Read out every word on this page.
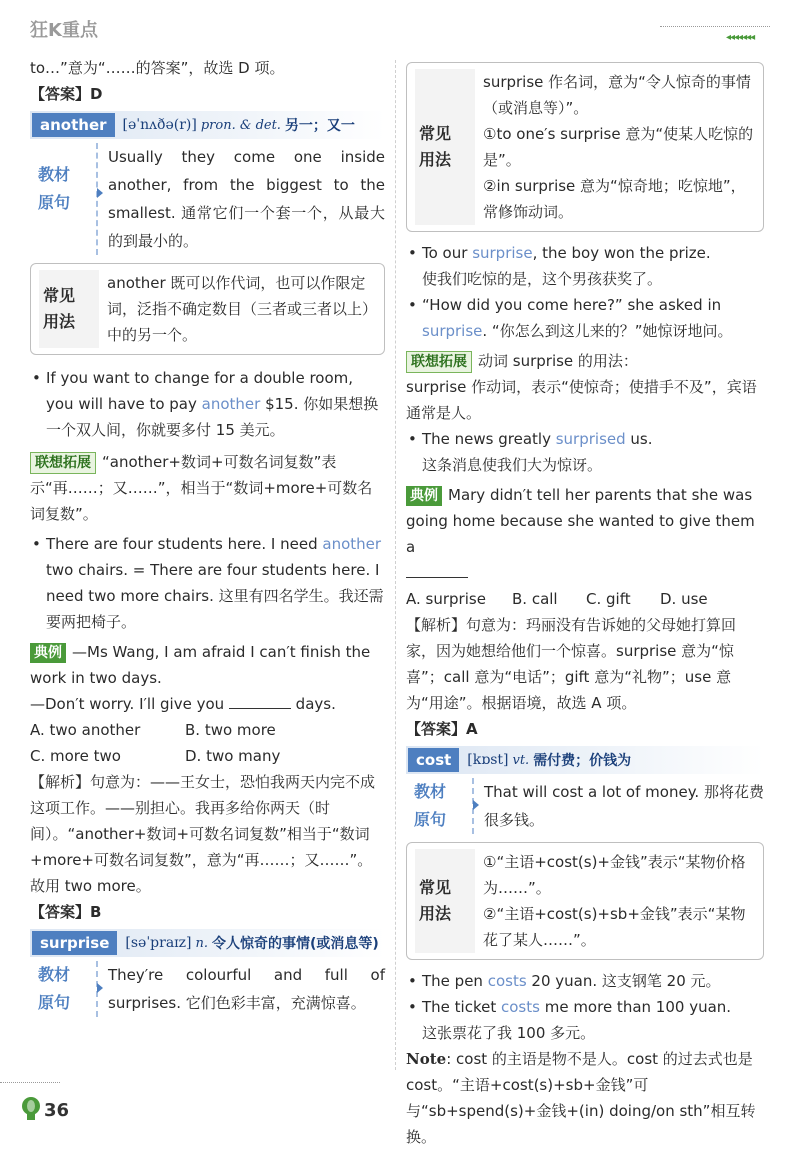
狂K重点	◂◂◂◂◂◂◂
to…”意为“……的答案”，故选 D 项。
【答案】D
another	[əˈnʌðə(r)] pron. & det. 另一；又一
教材
原句
Usually they come one inside another, from the biggest to the smallest. 通常它们一个套一个，从最大的到最小的。
常见
用法
another 既可以作代词，也可以作限定词，泛指不确定数目（三者或三者以上）中的另一个。
• If you want to change for a double room, you will have to pay another $15. 你如果想换一个双人间，你就要多付 15 美元。
联想拓展 “another+数词+可数名词复数”表示“再……；又……”，相当于“数词+more+可数名词复数”。
• There are four students here. I need another two chairs. = There are four students here. I need two more chairs. 这里有四名学生。我还需要两把椅子。
典例 —Ms Wang, I am afraid I can′t finish the work in two days.
—Don′t worry. I′ll give you	days.
A. two another	B. two more
C. more two	D. two many
【解析】句意为：——王女士，恐怕我两天内完不成这项工作。——别担心。我再多给你两天（时间）。“another+数词+可数名词复数”相当于“数词+more+可数名词复数”，意为“再……；又……”。故用 two more。
【答案】B
surprise	[səˈpraɪz] n. 令人惊奇的事情(或消息等)
教材
原句
They′re colourful and full of surprises. 它们色彩丰富，充满惊喜。
常见
用法
surprise 作名词，意为“令人惊奇的事情（或消息等）”。
①to one′s surprise 意为“使某人吃惊的是”。
②in surprise 意为“惊奇地；吃惊地”，常修饰动词。
• To our surprise, the boy won the prize.
使我们吃惊的是，这个男孩获奖了。
• “How did you come here?” she asked in surprise. “你怎么到这儿来的？”她惊讶地问。
联想拓展 动词 surprise 的用法：
surprise 作动词，表示“使惊奇；使措手不及”，宾语通常是人。
• The news greatly surprised us.
这条消息使我们大为惊讶。
典例 Mary didn′t tell her parents that she was going home because she wanted to give them a
A. surprise	B. call	C. gift	D. use
【解析】句意为：玛丽没有告诉她的父母她打算回家，因为她想给他们一个惊喜。surprise 意为“惊喜”；call 意为“电话”；gift 意为“礼物”；use 意为“用途”。根据语境，故选 A 项。
【答案】A
cost	[kɒst] vt. 需付费；价钱为
教材
原句
That will cost a lot of money. 那将花费很多钱。
常见
用法
①“主语+cost(s)+金钱”表示“某物价格为……”。
②“主语+cost(s)+sb+金钱”表示“某物花了某人……”。
• The pen costs 20 yuan. 这支钢笔 20 元。
• The ticket costs me more than 100 yuan.
这张票花了我 100 多元。
Note: cost 的主语是物不是人。cost 的过去式也是 cost。“主语+cost(s)+sb+金钱”可与“sb+spend(s)+金钱+(in) doing/on sth”相互转换。
36
